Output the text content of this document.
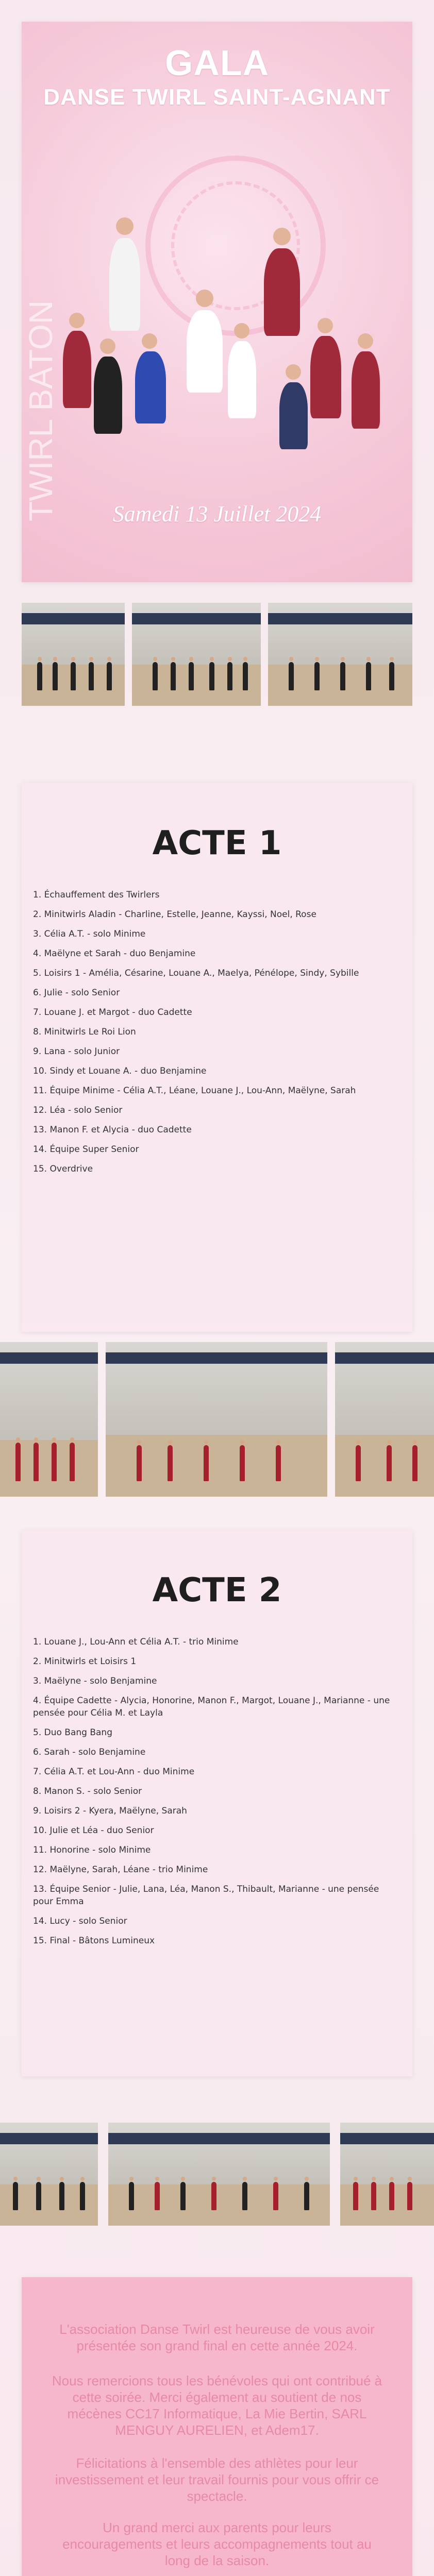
TWIRL BATON
GALA
DANSE TWIRL SAINT-AGNANT
Samedi 13 Juillet 2024
ACTE 1
1. Échauffement des Twirlers
2. Minitwirls Aladin - Charline, Estelle, Jeanne, Kayssi, Noel, Rose
3. Célia A.T. - solo Minime
4. Maëlyne et Sarah - duo Benjamine
5. Loisirs 1 - Amélia, Césarine, Louane A., Maelya, Pénélope, Sindy, Sybille
6. Julie - solo Senior
7. Louane J. et Margot - duo Cadette
8. Minitwirls Le Roi Lion
9. Lana - solo Junior
10. Sindy et Louane A. - duo Benjamine
11. Équipe Minime - Célia A.T., Léane, Louane J., Lou-Ann, Maëlyne, Sarah
12. Léa - solo Senior
13. Manon F. et Alycia - duo Cadette
14. Équipe Super Senior
15. Overdrive
ACTE 2
1. Louane J., Lou-Ann et Célia A.T. - trio Minime
2. Minitwirls et Loisirs 1
3. Maëlyne - solo Benjamine
4. Équipe Cadette - Alycia, Honorine, Manon F., Margot, Louane J., Marianne - une pensée pour Célia M. et Layla
5. Duo Bang Bang
6. Sarah - solo Benjamine
7. Célia A.T. et Lou-Ann - duo Minime
8. Manon S. - solo Senior
9. Loisirs 2 - Kyera, Maëlyne, Sarah
10. Julie et Léa - duo Senior
11. Honorine - solo Minime
12. Maëlyne, Sarah, Léane - trio Minime
13. Équipe Senior - Julie, Lana, Léa, Manon S., Thibault, Marianne - une pensée pour Emma
14. Lucy - solo Senior
15. Final - Bâtons Lumineux
L'association Danse Twirl est heureuse de vous avoir présentée son grand final en cette année 2024.
Nous remercions tous les bénévoles qui ont contribué à cette soirée. Merci également au soutient de nos mécènes CC17 Informatique, La Mie Bertin, SARL MENGUY AURELIEN, et Adem17.
Félicitations à l'ensemble des athlètes pour leur investissement et leur travail fournis pour vous offrir ce spectacle.
Un grand merci aux parents pour leurs encouragements et leurs accompagnements tout au long de la saison.
